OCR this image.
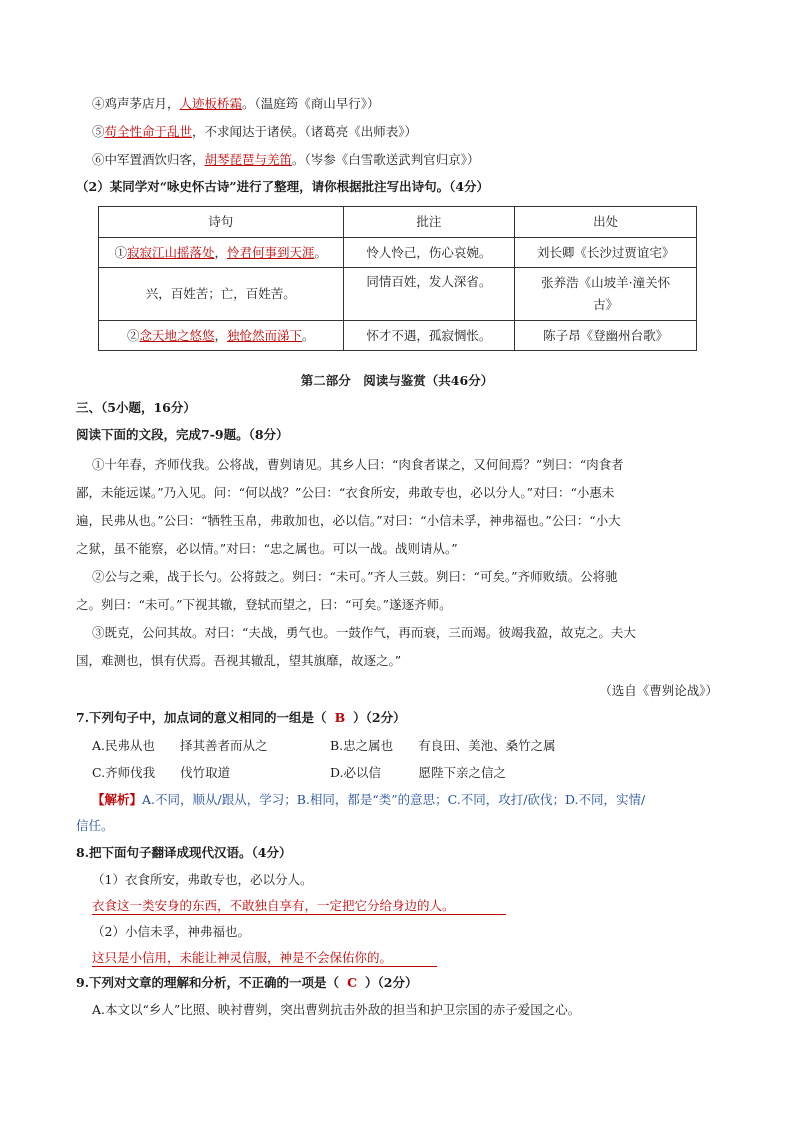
④鸡声茅店月，人迹板桥霜。（温庭筠《商山早行》）
⑤苟全性命于乱世，不求闻达于诸侯。（诸葛亮《出师表》）
⑥中军置酒饮归客，胡琴琵琶与羌笛。（岑参《白雪歌送武判官归京》）
（2）某同学对“咏史怀古诗”进行了整理，请你根据批注写出诗句。（4分）
诗句	批注	出处
①寂寂江山摇落处，怜君何事到天涯。	怜人怜己，伤心哀婉。	刘长卿《长沙过贾谊宅》
兴，百姓苦；亡，百姓苦。	同情百姓，发人深省。	张养浩《山坡羊·潼关怀古》
②念天地之悠悠，独怆然而涕下。	怀才不遇，孤寂惆怅。	陈子昂《登幽州台歌》
第二部分　阅读与鉴赏（共46分）
三、（5小题，16分）
阅读下面的文段，完成7-9题。（8分）
①十年春，齐师伐我。公将战，曹刿请见。其乡人曰：“肉食者谋之，又何间焉？”刿曰：“肉食者
鄙，未能远谋。”乃入见。问：“何以战？”公曰：“衣食所安，弗敢专也，必以分人。”对曰：“小惠未
遍，民弗从也。”公曰：“牺牲玉帛，弗敢加也，必以信。”对曰：“小信未孚，神弗福也。”公曰：“小大
之狱，虽不能察，必以情。”对曰：“忠之属也。可以一战。战则请从。”
②公与之乘，战于长勺。公将鼓之。刿曰：“未可。”齐人三鼓。刿曰：“可矣。”齐师败绩。公将驰
之。刿曰：“未可。”下视其辙，登轼而望之，曰：“可矣。”遂逐齐师。
③既克，公问其故。对曰：“夫战，勇气也。一鼓作气，再而衰，三而竭。彼竭我盈，故克之。夫大
国，难测也，惧有伏焉。吾视其辙乱，望其旗靡，故逐之。”
（选自《曹刿论战》）
7.下列句子中，加点词的意义相同的一组是（ B ）（2分）
A.民弗从也　　择其善者而从之	B.忠之属也　　有良田、美池、桑竹之属
C.齐师伐我　　伐竹取道	D.必以信　　　愿陛下亲之信之
【解析】A.不同，顺从/跟从，学习；B.相同，都是“类”的意思；C.不同，攻打/砍伐；D.不同，实情/
信任。
8.把下面句子翻译成现代汉语。（4分）
（1）衣食所安，弗敢专也，必以分人。
衣食这一类安身的东西，不敢独自享有，一定把它分给身边的人。
（2）小信未孚，神弗福也。
这只是小信用，未能让神灵信服，神是不会保佑你的。
9.下列对文章的理解和分析，不正确的一项是（ C ）（2分）
A.本文以“乡人”比照、映衬曹刿，突出曹刿抗击外敌的担当和护卫宗国的赤子爱国之心。
